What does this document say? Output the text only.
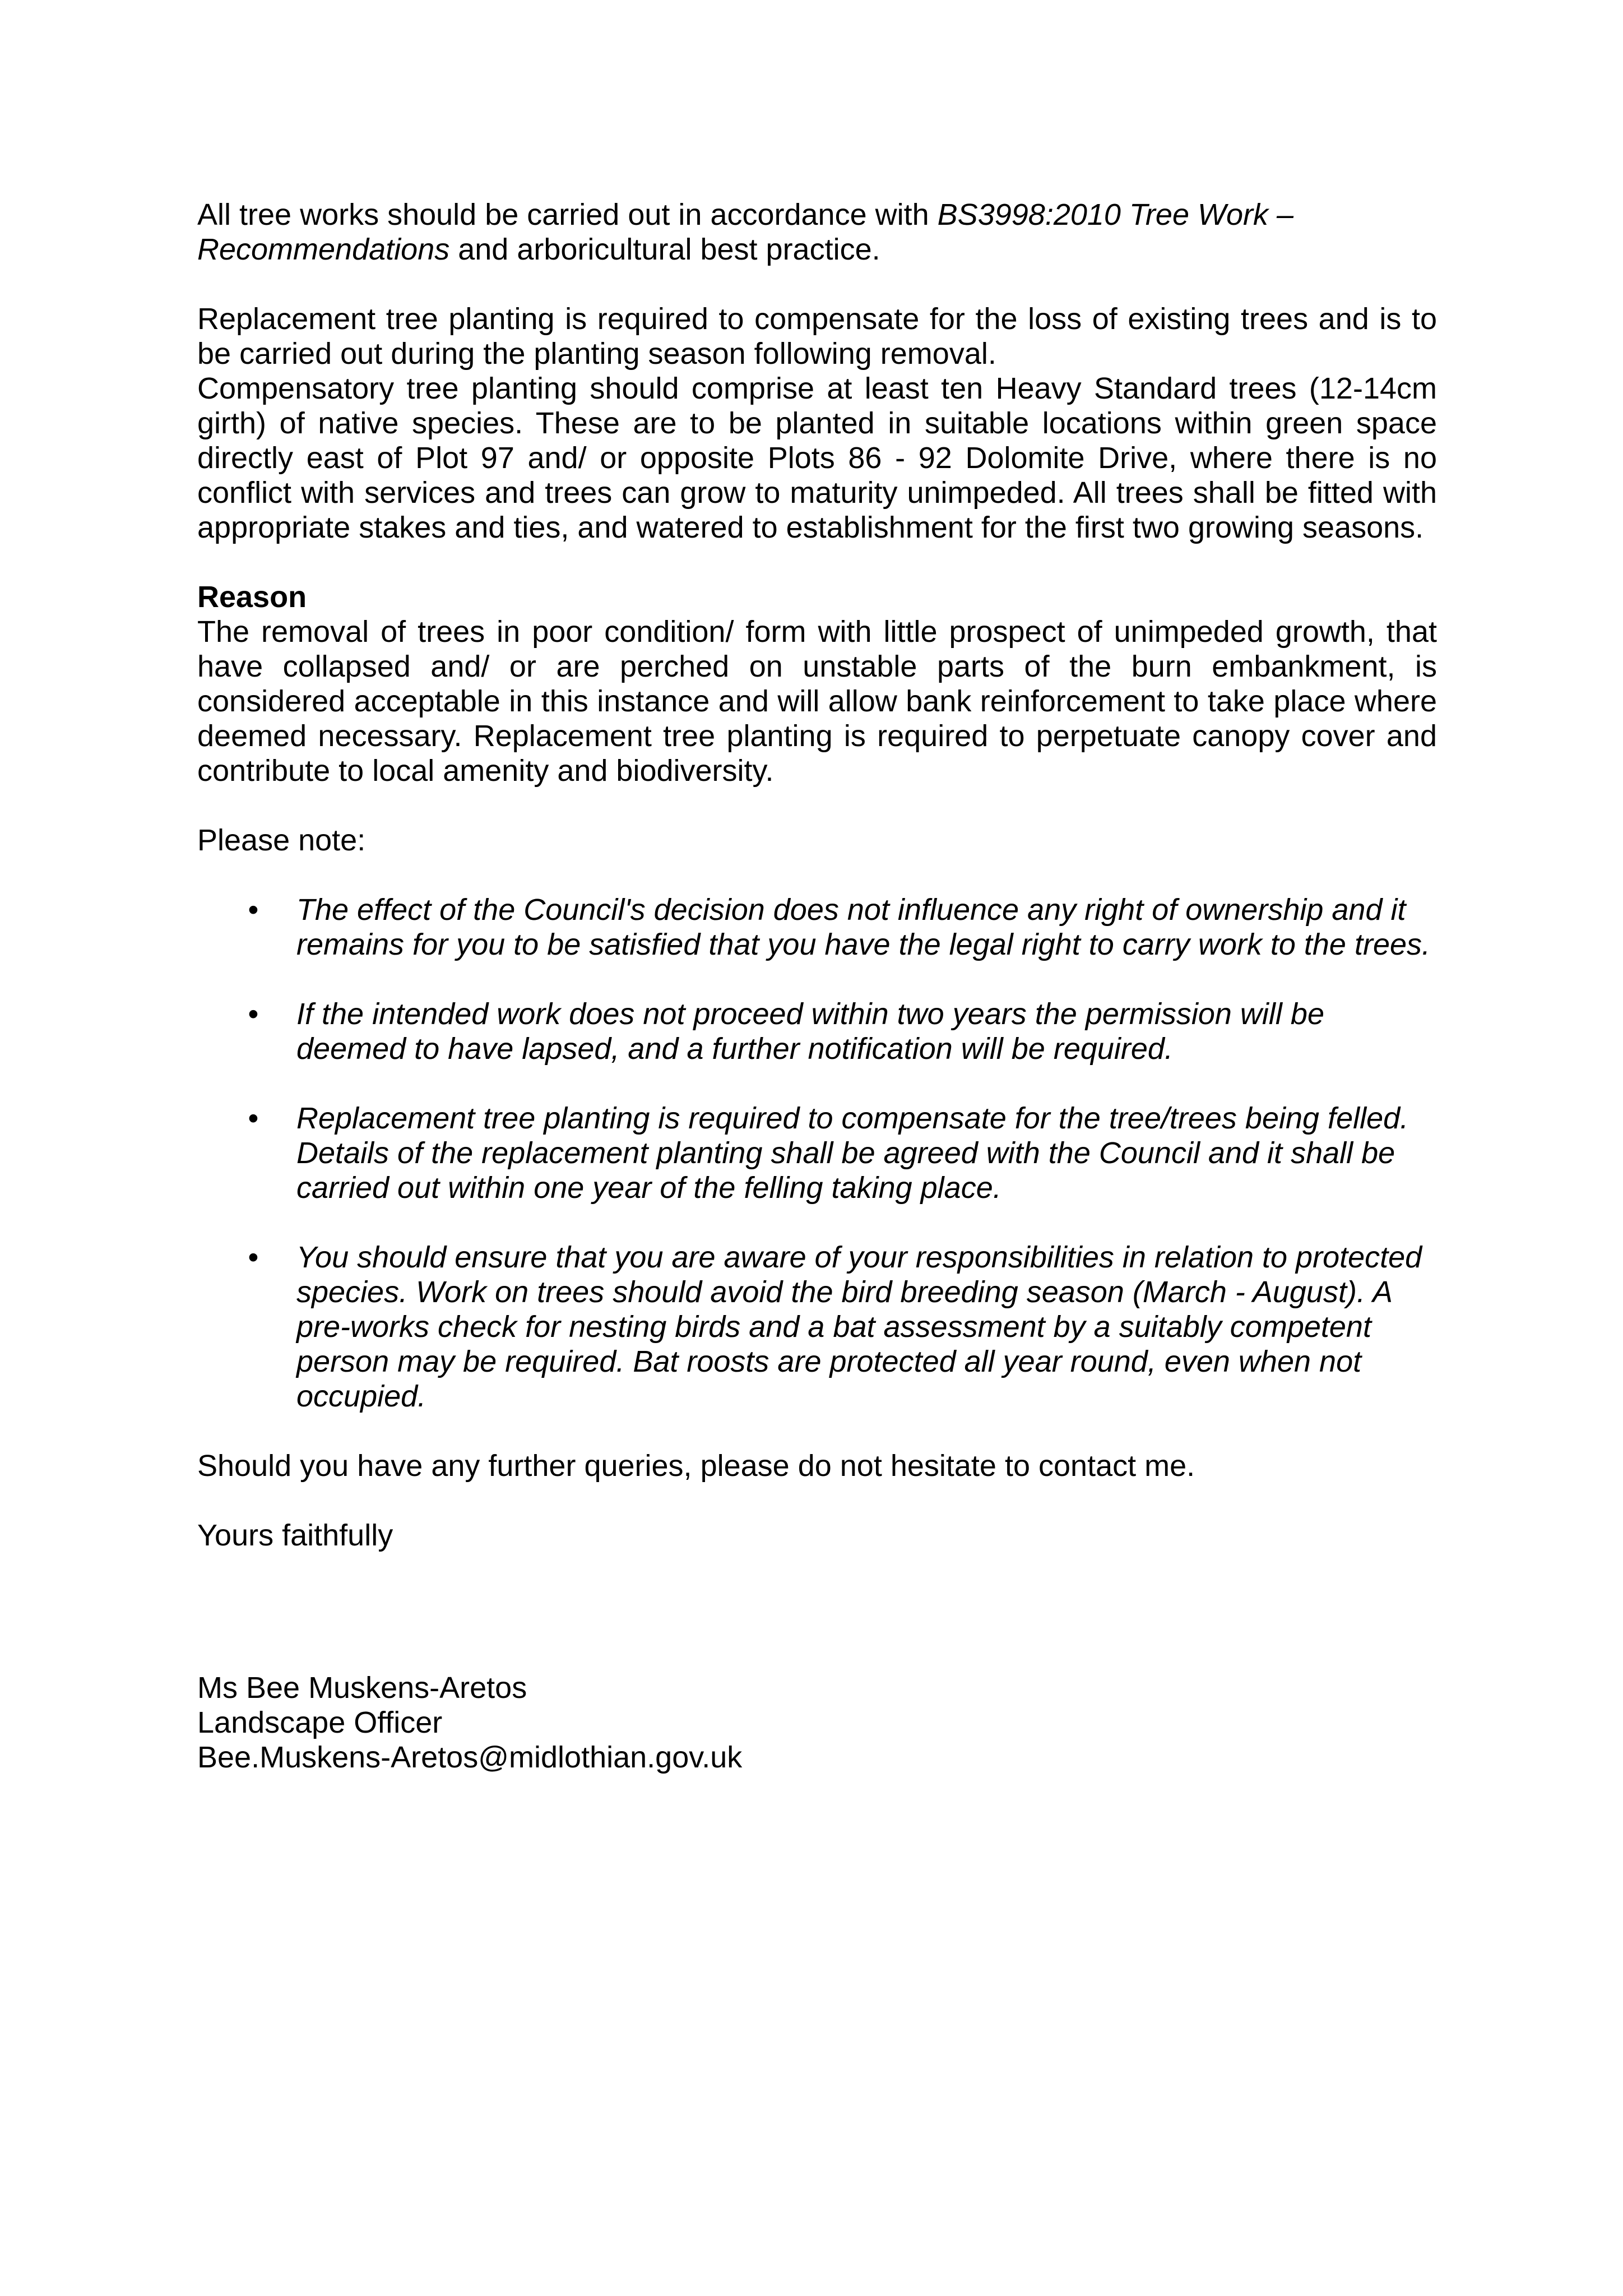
All tree works should be carried out in accordance with BS3998:2010 Tree Work – Recommendations and arboricultural best practice.

Replacement tree planting is required to compensate for the loss of existing trees and is to be carried out during the planting season following removal.

Compensatory tree planting should comprise at least ten Heavy Standard trees (12-14cm girth) of native species. These are to be planted in suitable locations within green space directly east of Plot 97 and/ or opposite Plots 86 - 92 Dolomite Drive, where there is no conflict with services and trees can grow to maturity unimpeded. All trees shall be fitted with appropriate stakes and ties, and watered to establishment for the first two growing seasons.

Reason

The removal of trees in poor condition/ form with little prospect of unimpeded growth, that have collapsed and/ or are perched on unstable parts of the burn embankment, is considered acceptable in this instance and will allow bank reinforcement to take place where deemed necessary. Replacement tree planting is required to perpetuate canopy cover and contribute to local amenity and biodiversity.

Please note:

• The effect of the Council's decision does not influence any right of ownership and it remains for you to be satisfied that you have the legal right to carry work to the trees.
• If the intended work does not proceed within two years the permission will be deemed to have lapsed, and a further notification will be required.
• Replacement tree planting is required to compensate for the tree/trees being felled. Details of the replacement planting shall be agreed with the Council and it shall be carried out within one year of the felling taking place.
• You should ensure that you are aware of your responsibilities in relation to protected species. Work on trees should avoid the bird breeding season (March - August). A pre-works check for nesting birds and a bat assessment by a suitably competent person may be required. Bat roosts are protected all year round, even when not occupied.

Should you have any further queries, please do not hesitate to contact me.

Yours faithfully

Ms Bee Muskens-Aretos
Landscape Officer
Bee.Muskens-Aretos@midlothian.gov.uk
